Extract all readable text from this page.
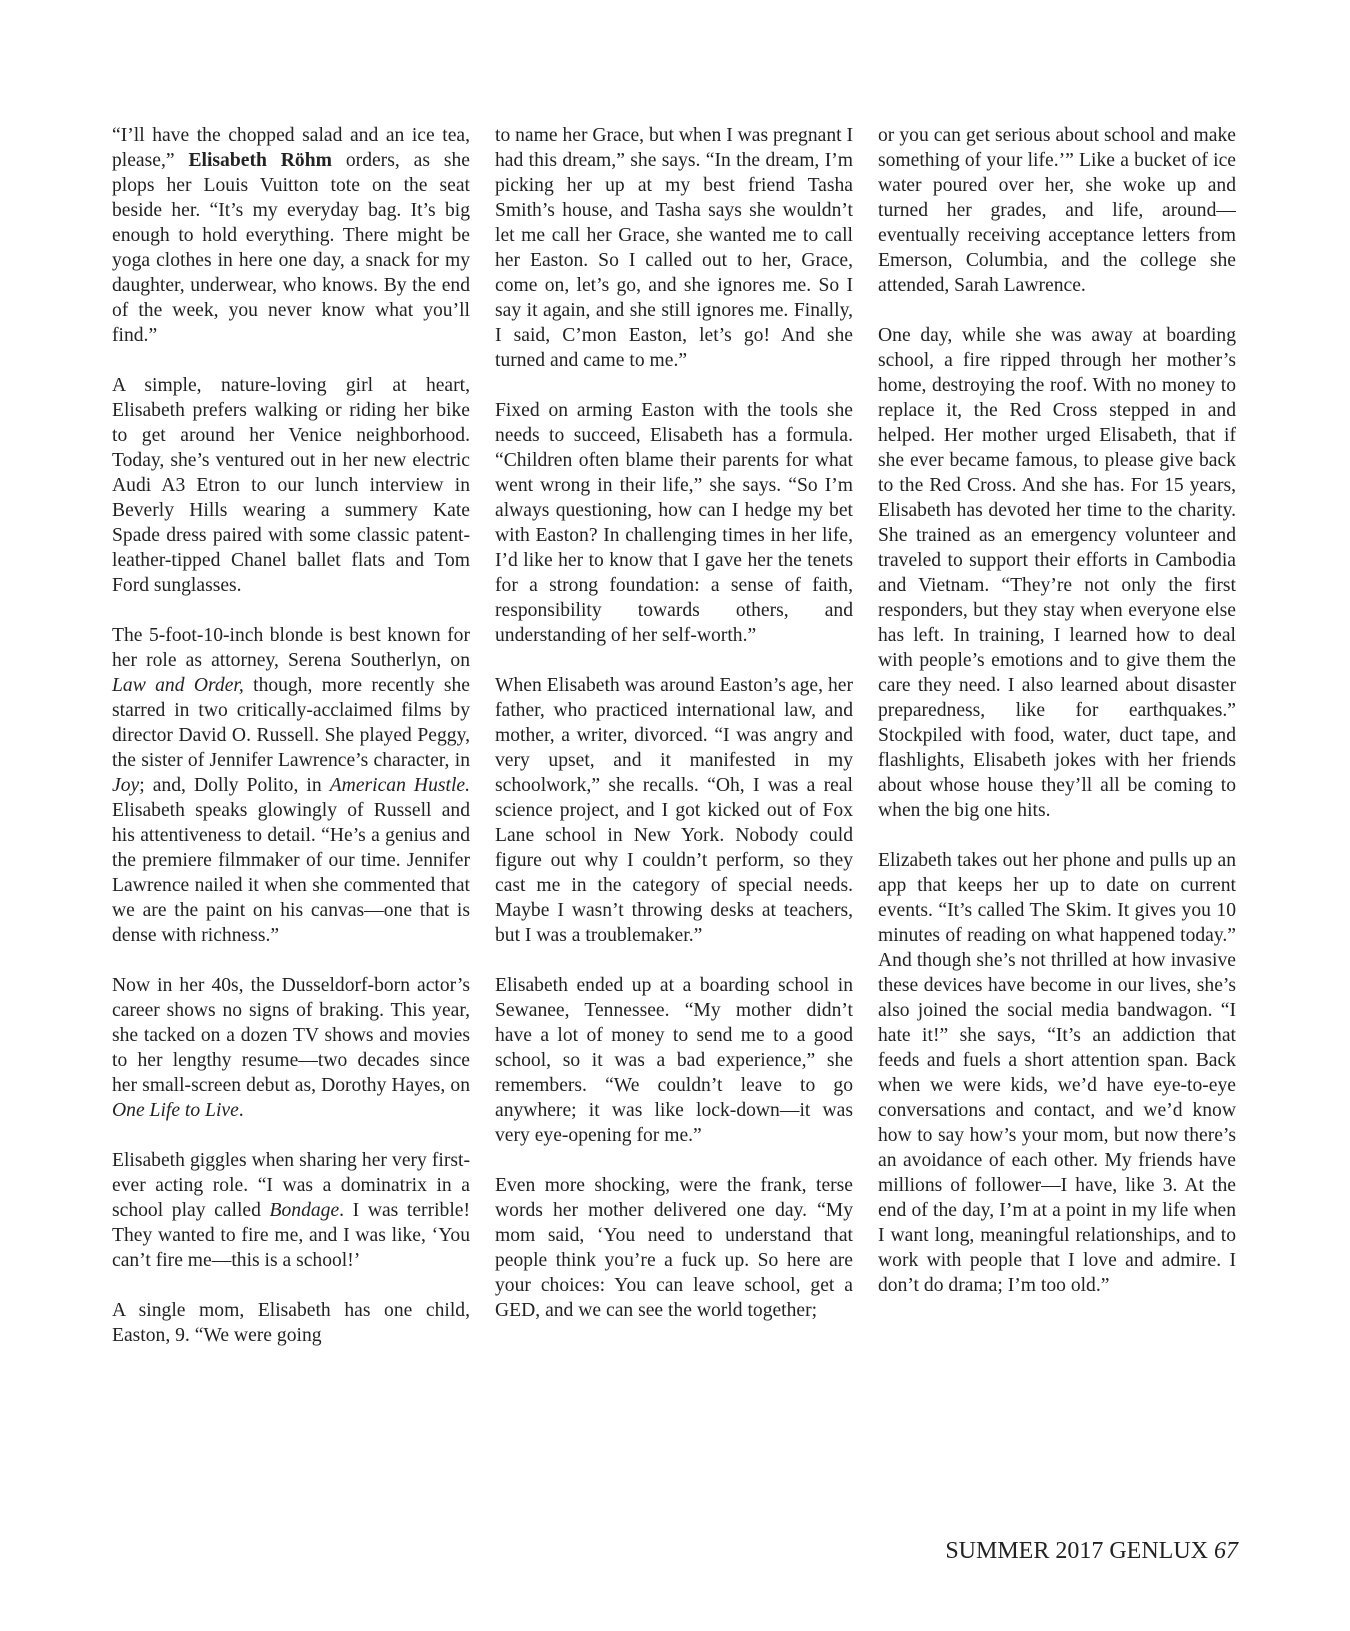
“I’ll have the chopped salad and an ice tea, please,” Elisabeth Röhm orders, as she plops her Louis Vuitton tote on the seat beside her. “It’s my everyday bag. It’s big enough to hold everything. There might be yoga clothes in here one day, a snack for my daughter, underwear, who knows. By the end of the week, you never know what you’ll find.”

A simple, nature-loving girl at heart, Elisabeth prefers walking or riding her bike to get around her Venice neighborhood. Today, she’s ventured out in her new electric Audi A3 Etron to our lunch interview in Beverly Hills wearing a summery Kate Spade dress paired with some classic patent-leather-tipped Chanel ballet flats and Tom Ford sunglasses.

The 5-foot-10-inch blonde is best known for her role as attorney, Serena Southerlyn, on Law and Order, though, more recently she starred in two critically-acclaimed films by director David O. Russell. She played Peggy, the sister of Jennifer Lawrence’s character, in Joy; and, Dolly Polito, in American Hustle. Elisabeth speaks glowingly of Russell and his attentiveness to detail. “He’s a genius and the premiere filmmaker of our time. Jennifer Lawrence nailed it when she commented that we are the paint on his canvas—one that is dense with richness.”

Now in her 40s, the Dusseldorf-born actor’s career shows no signs of braking. This year, she tacked on a dozen TV shows and movies to her lengthy resume—two decades since her small-screen debut as, Dorothy Hayes, on One Life to Live.

Elisabeth giggles when sharing her very first-ever acting role. “I was a dominatrix in a school play called Bondage. I was terrible! They wanted to fire me, and I was like, ‘You can’t fire me—this is a school!’

A single mom, Elisabeth has one child, Easton, 9. “We were going

to name her Grace, but when I was pregnant I had this dream,” she says. “In the dream, I’m picking her up at my best friend Tasha Smith’s house, and Tasha says she wouldn’t let me call her Grace, she wanted me to call her Easton. So I called out to her, Grace, come on, let’s go, and she ignores me. So I say it again, and she still ignores me. Finally, I said, C’mon Easton, let’s go! And she turned and came to me.”

Fixed on arming Easton with the tools she needs to succeed, Elisabeth has a formula. “Children often blame their parents for what went wrong in their life,” she says. “So I’m always questioning, how can I hedge my bet with Easton? In challenging times in her life, I’d like her to know that I gave her the tenets for a strong foundation: a sense of faith, responsibility towards others, and understanding of her self-worth.”

When Elisabeth was around Easton’s age, her father, who practiced international law, and mother, a writer, divorced. “I was angry and very upset, and it manifested in my schoolwork,” she recalls. “Oh, I was a real science project, and I got kicked out of Fox Lane school in New York. Nobody could figure out why I couldn’t perform, so they cast me in the category of special needs. Maybe I wasn’t throwing desks at teachers, but I was a troublemaker.”

Elisabeth ended up at a boarding school in Sewanee, Tennessee. “My mother didn’t have a lot of money to send me to a good school, so it was a bad experience,” she remembers. “We couldn’t leave to go anywhere; it was like lock-down—it was very eye-opening for me.”

Even more shocking, were the frank, terse words her mother delivered one day. “My mom said, ‘You need to understand that people think you’re a fuck up. So here are your choices: You can leave school, get a GED, and we can see the world together;

or you can get serious about school and make something of your life.’” Like a bucket of ice water poured over her, she woke up and turned her grades, and life, around—eventually receiving acceptance letters from Emerson, Columbia, and the college she attended, Sarah Lawrence.

One day, while she was away at boarding school, a fire ripped through her mother’s home, destroying the roof. With no money to replace it, the Red Cross stepped in and helped. Her mother urged Elisabeth, that if she ever became famous, to please give back to the Red Cross. And she has. For 15 years, Elisabeth has devoted her time to the charity. She trained as an emergency volunteer and traveled to support their efforts in Cambodia and Vietnam. “They’re not only the first responders, but they stay when everyone else has left. In training, I learned how to deal with people’s emotions and to give them the care they need. I also learned about disaster preparedness, like for earthquakes.” Stockpiled with food, water, duct tape, and flashlights, Elisabeth jokes with her friends about whose house they’ll all be coming to when the big one hits.

Elizabeth takes out her phone and pulls up an app that keeps her up to date on current events. “It’s called The Skim. It gives you 10 minutes of reading on what happened today.” And though she’s not thrilled at how invasive these devices have become in our lives, she’s also joined the social media bandwagon. “I hate it!” she says, “It’s an addiction that feeds and fuels a short attention span. Back when we were kids, we’d have eye-to-eye conversations and contact, and we’d know how to say how’s your mom, but now there’s an avoidance of each other. My friends have millions of follower—I have, like 3. At the end of the day, I’m at a point in my life when I want long, meaningful relationships, and to work with people that I love and admire. I don’t do drama; I’m too old.”

SUMMER 2017 GENLUX 67
